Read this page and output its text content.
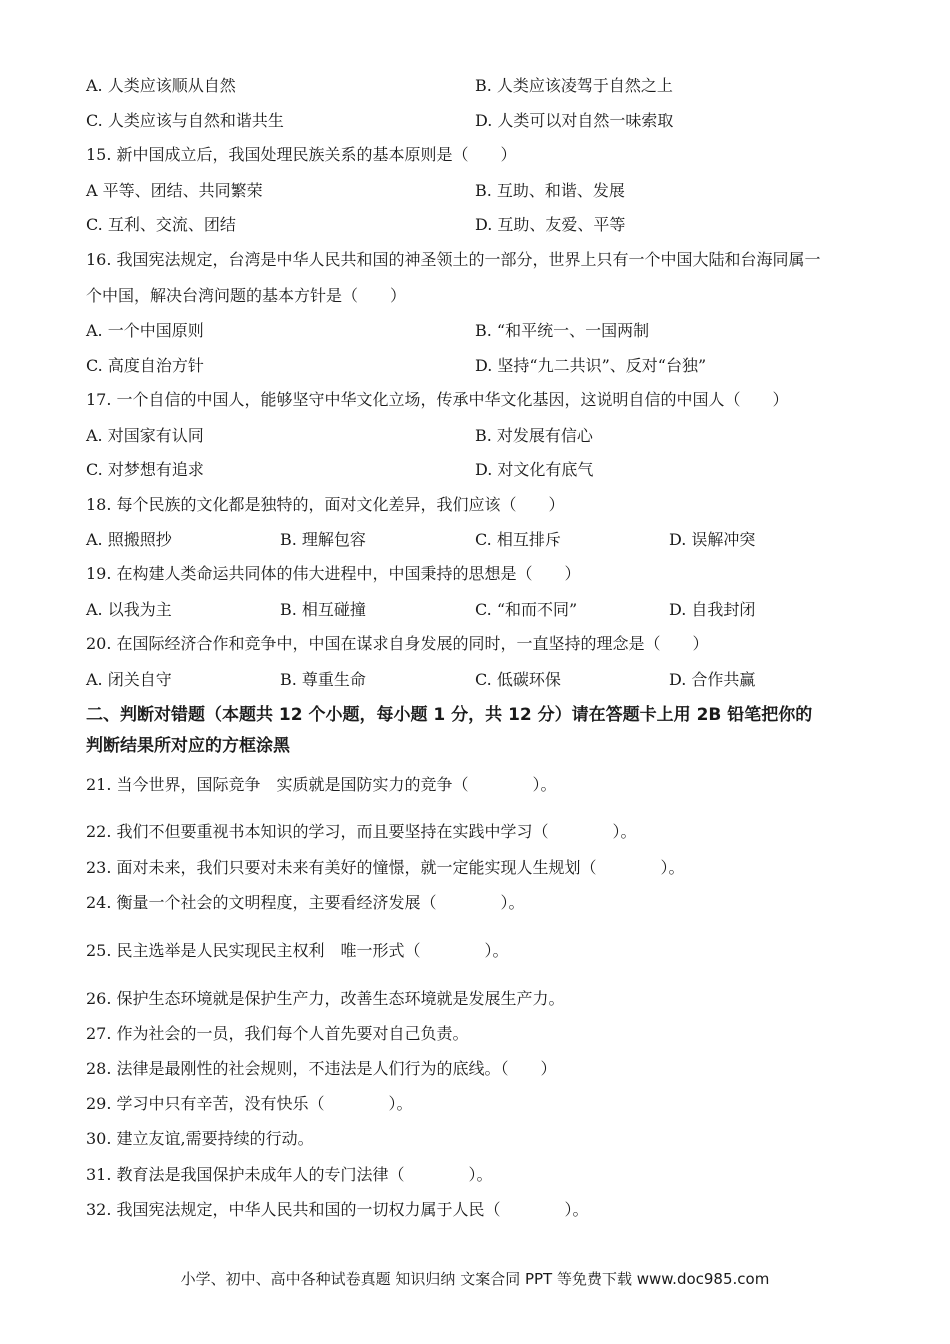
A. 人类应该顺从自然	B. 人类应该凌驾于自然之上
C. 人类应该与自然和谐共生	D. 人类可以对自然一味索取
15. 新中国成立后，我国处理民族关系的基本原则是（　　）
A 平等、团结、共同繁荣	B. 互助、和谐、发展
C. 互利、交流、团结	D. 互助、友爱、平等
16. 我国宪法规定，台湾是中华人民共和国的神圣领土的一部分，世界上只有一个中国大陆和台海同属一
个中国，解决台湾问题的基本方针是（　　）
A. 一个中国原则	B. “和平统一、一国两制
C. 高度自治方针	D. 坚持“九二共识”、反对“台独”
17. 一个自信的中国人，能够坚守中华文化立场，传承中华文化基因，这说明自信的中国人（　　）
A. 对国家有认同	B. 对发展有信心
C. 对梦想有追求	D. 对文化有底气
18. 每个民族的文化都是独特的，面对文化差异，我们应该（　　）
A. 照搬照抄	B. 理解包容	C. 相互排斥	D. 误解冲突
19. 在构建人类命运共同体的伟大进程中，中国秉持的思想是（　　）
A. 以我为主	B. 相互碰撞	C. “和而不同”	D. 自我封闭
20. 在国际经济合作和竞争中，中国在谋求自身发展的同时，一直坚持的理念是（　　）
A. 闭关自守	B. 尊重生命	C. 低碳环保	D. 合作共赢
二、判断对错题（本题共 12 个小题，每小题 1 分，共 12 分）请在答题卡上用 2B 铅笔把你的
判断结果所对应的方框涂黑
21. 当今世界，国际竞争　实质就是国防实力的竞争（　　　　）。
22. 我们不但要重视书本知识的学习，而且要坚持在实践中学习（　　　　）。
23. 面对未来，我们只要对未来有美好的憧憬，就一定能实现人生规划（　　　　）。
24. 衡量一个社会的文明程度，主要看经济发展（　　　　）。
25. 民主选举是人民实现民主权利　唯一形式（　　　　）。
26. 保护生态环境就是保护生产力，改善生态环境就是发展生产力。
27. 作为社会的一员，我们每个人首先要对自己负责。
28. 法律是最刚性的社会规则，不违法是人们行为的底线。（　　）
29. 学习中只有辛苦，没有快乐（　　　　）。
30. 建立友谊,需要持续的行动。
31. 教育法是我国保护未成年人的专门法律（　　　　）。
32. 我国宪法规定，中华人民共和国的一切权力属于人民（　　　　）。
小学、初中、高中各种试卷真题 知识归纳 文案合同 PPT 等免费下载 www.doc985.com
